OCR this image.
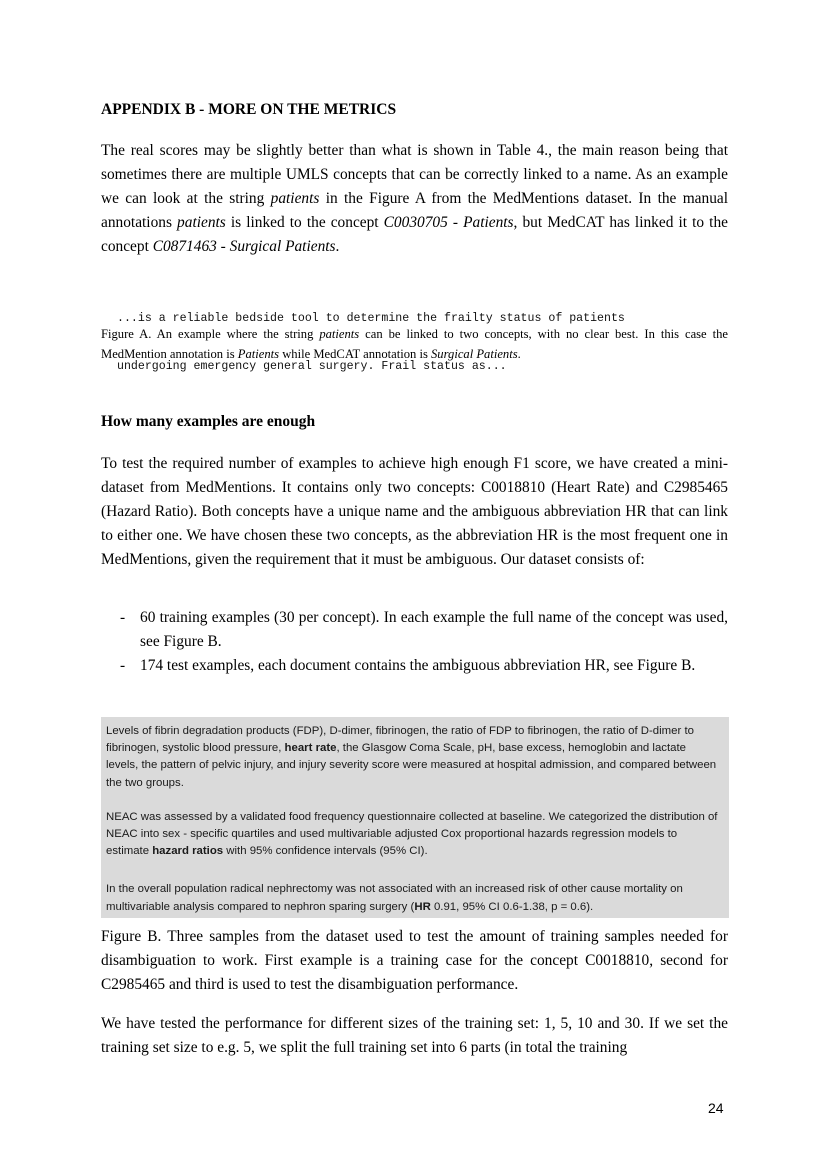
APPENDIX B - MORE ON THE METRICS
The real scores may be slightly better than what is shown in Table 4., the main reason being that sometimes there are multiple UMLS concepts that can be correctly linked to a name. As an example we can look at the string patients in the Figure A from the MedMentions dataset. In the manual annotations patients is linked to the concept C0030705 - Patients, but MedCAT has linked it to the concept C0871463 - Surgical Patients.

...is a reliable bedside tool to determine the frailty status of patients

undergoing emergency general surgery. Frail status as...

Figure A. An example where the string patients can be linked to two concepts, with no clear best. In this case the MedMention annotation is Patients while MedCAT annotation is Surgical Patients.
How many examples are enough
To test the required number of examples to achieve high enough F1 score, we have created a mini-dataset from MedMentions. It contains only two concepts: C0018810 (Heart Rate) and C2985465 (Hazard Ratio). Both concepts have a unique name and the ambiguous abbreviation HR that can link to either one. We have chosen these two concepts, as the abbreviation HR is the most frequent one in MedMentions, given the requirement that it must be ambiguous. Our dataset consists of:
- 60 training examples (30 per concept). In each example the full name of the concept was used, see Figure B.
- 174 test examples, each document contains the ambiguous abbreviation HR, see Figure B.

Levels of fibrin degradation products (FDP), D-dimer, fibrinogen, the ratio of FDP to fibrinogen, the ratio of D-dimer to fibrinogen, systolic blood pressure, heart rate, the Glasgow Coma Scale, pH, base excess, hemoglobin and lactate levels, the pattern of pelvic injury, and injury severity score were measured at hospital admission, and compared between the two groups.

NEAC was assessed by a validated food frequency questionnaire collected at baseline. We categorized the distribution of NEAC into sex - specific quartiles and used multivariable adjusted Cox proportional hazards regression models to estimate hazard ratios with 95% confidence intervals (95% CI).

In the overall population radical nephrectomy was not associated with an increased risk of other cause mortality on multivariable analysis compared to nephron sparing surgery (HR 0.91, 95% CI 0.6-1.38, p = 0.6).

Figure B. Three samples from the dataset used to test the amount of training samples needed for disambiguation to work. First example is a training case for the concept C0018810, second for C2985465 and third is used to test the disambiguation performance.
We have tested the performance for different sizes of the training set: 1, 5, 10 and 30. If we set the training set size to e.g. 5, we split the full training set into 6 parts (in total the training
24
